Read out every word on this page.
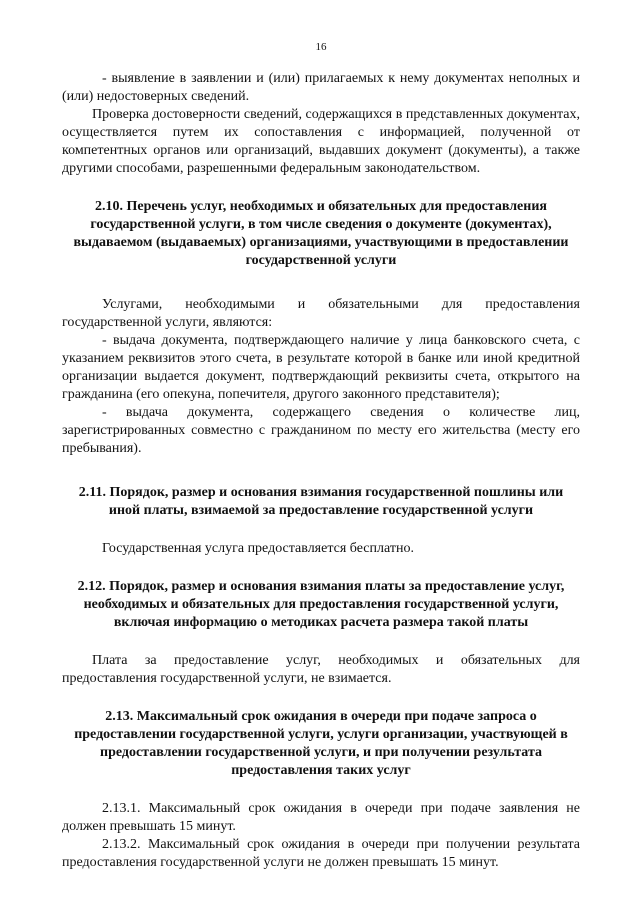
16

- выявление в заявлении и (или) прилагаемых к нему документах неполных и (или) недостоверных сведений.

Проверка достоверности сведений, содержащихся в представленных документах, осуществляется путем их сопоставления с информацией, полученной от компетентных органов или организаций, выдавших документ (документы), а также другими способами, разрешенными федеральным законодательством.

2.10. Перечень услуг, необходимых и обязательных для предоставления государственной услуги, в том числе сведения о документе (документах), выдаваемом (выдаваемых) организациями, участвующими в предоставлении государственной услуги

Услугами, необходимыми и обязательными для предоставления государственной услуги, являются:

- выдача документа, подтверждающего наличие у лица банковского счета, с указанием реквизитов этого счета, в результате которой в банке или иной кредитной организации выдается документ, подтверждающий реквизиты счета, открытого на гражданина (его опекуна, попечителя, другого законного представителя);

- выдача документа, содержащего сведения о количестве лиц, зарегистрированных совместно с гражданином по месту его жительства (месту его пребывания).

2.11. Порядок, размер и основания взимания государственной пошлины или иной платы, взимаемой за предоставление государственной услуги

Государственная услуга предоставляется бесплатно.

2.12. Порядок, размер и основания взимания платы за предоставление услуг, необходимых и обязательных для предоставления государственной услуги, включая информацию о методиках расчета размера такой платы

Плата за предоставление услуг, необходимых и обязательных для предоставления государственной услуги, не взимается.

2.13. Максимальный срок ожидания в очереди при подаче запроса о предоставлении государственной услуги, услуги организации, участвующей в предоставлении государственной услуги, и при получении результата предоставления таких услуг

2.13.1. Максимальный срок ожидания в очереди при подаче заявления не должен превышать 15 минут.

2.13.2. Максимальный срок ожидания в очереди при получении результата предоставления государственной услуги не должен превышать 15 минут.
